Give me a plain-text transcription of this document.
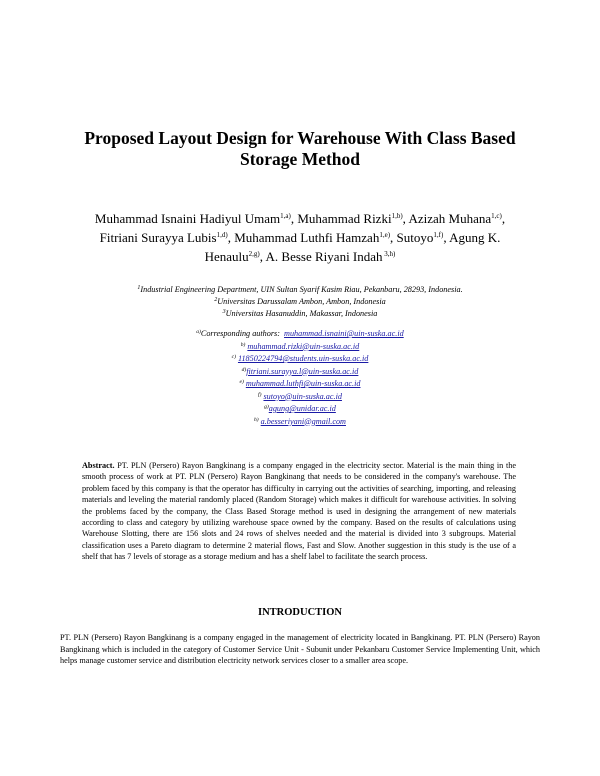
Proposed Layout Design for Warehouse With Class Based
Storage Method
Muhammad Isnaini Hadiyul Umam$^{1,a)}$, Muhammad Rizki$^{1,b)}$, Azizah Muhana$^{1,c)}$,
Fitriani Surayya Lubis$^{1,d)}$, Muhammad Luthfi Hamzah$^{1,e)}$, Sutoyo$^{1,f)}$, Agung K. Henaulu$^{2,g)}$, A. Besse Riyani Indah $^{3,h)}$
$^1$Industrial Engineering Department, UIN Sultan Syarif Kasim Riau, Pekanbaru, 28293, Indonesia.
$^2$Universitas Darussalam Ambon, Ambon, Indonesia
$^3$Universitas Hasanuddin, Makassar, Indonesia
$^{a)}$Corresponding authors: muhammad.isnaini@uin-suska.ac.id
$^{b)}$ muhammad.rizki@uin-suska.ac.id
$^{c)}$ 11850224794@students.uin-suska.ac.id
$^{d)}$fitriani.surayya.l@uin-suska.ac.id
$^{e)}$ muhammad.luthfi@uin-suska.ac.id
$^{f)}$ sutoyo@uin-suska.ac.id
$^{g)}$agung@unidar.ac.id
$^{h)}$ a.besseriyani@gmail.com
Abstract. PT. PLN (Persero) Rayon Bangkinang is a company engaged in the electricity sector. Material is the main thing in the smooth process of work at PT. PLN (Persero) Rayon Bangkinang that needs to be considered in the company's warehouse. The problem faced by this company is that the operator has difficulty in carrying out the activities of searching, importing, and releasing materials and leveling the material randomly placed (Random Storage) which makes it difficult for warehouse activities. In solving the problems faced by the company, the Class Based Storage method is used in designing the arrangement of new materials according to class and category by utilizing warehouse space owned by the company. Based on the results of calculations using Warehouse Slotting, there are 156 slots and 24 rows of shelves needed and the material is divided into 3 subgroups. Material classification uses a Pareto diagram to determine 2 material flows, Fast and Slow. Another suggestion in this study is the use of a shelf that has 7 levels of storage as a storage medium and has a shelf label to facilitate the search process.
INTRODUCTION
PT. PLN (Persero) Rayon Bangkinang is a company engaged in the management of electricity located in Bangkinang. PT. PLN (Persero) Rayon Bangkinang which is included in the category of Customer Service Unit - Subunit under Pekanbaru Customer Service Implementing Unit, which helps manage customer service and distribution electricity network services closer to a smaller area scope.
